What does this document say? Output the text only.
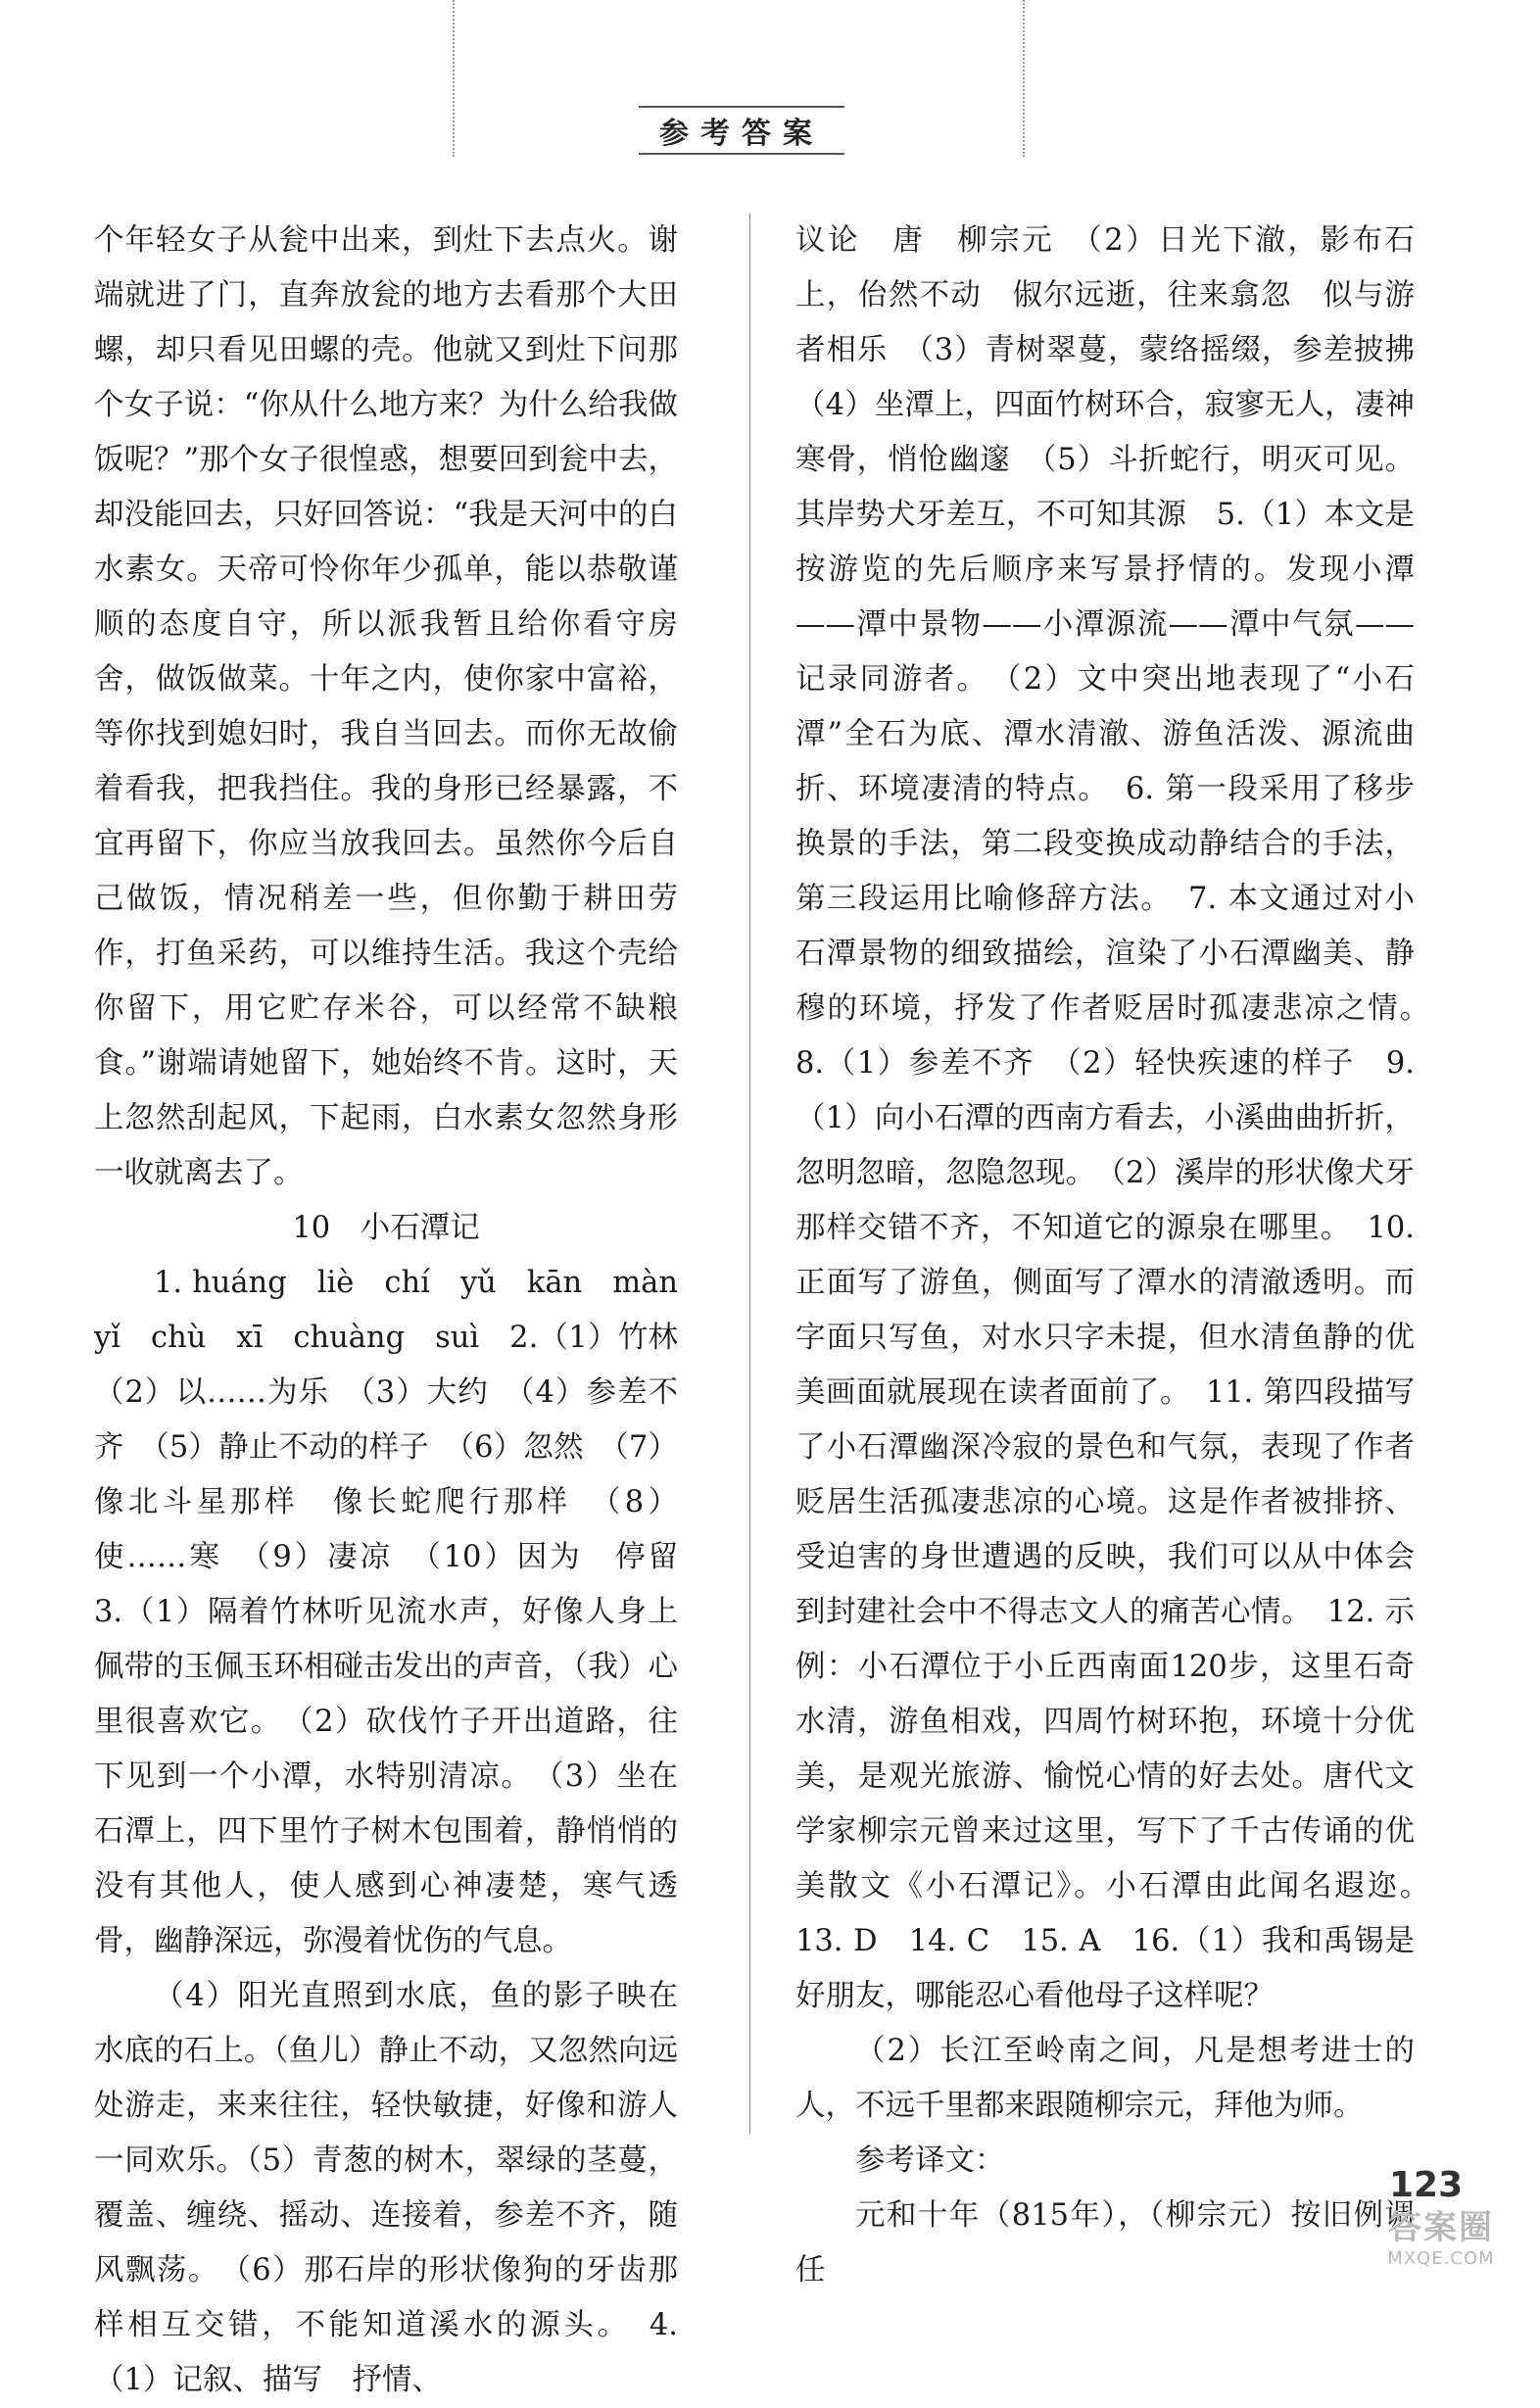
参考答案

个年轻女子从瓮中出来，到灶下去点火。谢端就进了门，直奔放瓮的地方去看那个大田螺，却只看见田螺的壳。他就又到灶下问那个女子说：“你从什么地方来？为什么给我做饭呢？”那个女子很惶惑，想要回到瓮中去，却没能回去，只好回答说：“我是天河中的白水素女。天帝可怜你年少孤单，能以恭敬谨顺的态度自守，所以派我暂且给你看守房舍，做饭做菜。十年之内，使你家中富裕，等你找到媳妇时，我自当回去。而你无故偷着看我，把我挡住。我的身形已经暴露，不宜再留下，你应当放我回去。虽然你今后自己做饭，情况稍差一些，但你勤于耕田劳作，打鱼采药，可以维持生活。我这个壳给你留下，用它贮存米谷，可以经常不缺粮食。”谢端请她留下，她始终不肯。这时，天上忽然刮起风，下起雨，白水素女忽然身形一收就离去了。

10　小石潭记

1. huáng　liè　chí　yǔ　kān　màn　yǐ　chù　xī　chuàng　suì　2.（1）竹林　（2）以……为乐　（3）大约　（4）参差不齐　（5）静止不动的样子　（6）忽然　（7）像北斗星那样　像长蛇爬行那样　（8）使……寒　（9）凄凉　（10）因为　停留　3.（1）隔着竹林听见流水声，好像人身上佩带的玉佩玉环相碰击发出的声音，（我）心里很喜欢它。　（2）砍伐竹子开出道路，往下见到一个小潭，水特别清凉。　（3）坐在石潭上，四下里竹子树木包围着，静悄悄的没有其他人，使人感到心神凄楚，寒气透骨，幽静深远，弥漫着忧伤的气息。

（4）阳光直照到水底，鱼的影子映在水底的石上。（鱼儿）静止不动，又忽然向远处游走，来来往往，轻快敏捷，好像和游人一同欢乐。（5）青葱的树木，翠绿的茎蔓，覆盖、缠绕、摇动、连接着，参差不齐，随风飘荡。　（6）那石岸的形状像狗的牙齿那样相互交错，不能知道溪水的源头。　4.（1）记叙、描写　抒情、

议论　唐　柳宗元　（2）日光下澈，影布石上，佁然不动　俶尔远逝，往来翕忽　似与游者相乐　（3）青树翠蔓，蒙络摇缀，参差披拂　（4）坐潭上，四面竹树环合，寂寥无人，凄神寒骨，悄怆幽邃　（5）斗折蛇行，明灭可见。其岸势犬牙差互，不可知其源　5.（1）本文是按游览的先后顺序来写景抒情的。发现小潭——潭中景物——小潭源流——潭中气氛——记录同游者。　（2）文中突出地表现了“小石潭”全石为底、潭水清澈、游鱼活泼、源流曲折、环境凄清的特点。　6. 第一段采用了移步换景的手法，第二段变换成动静结合的手法，第三段运用比喻修辞方法。　7. 本文通过对小石潭景物的细致描绘，渲染了小石潭幽美、静穆的环境，抒发了作者贬居时孤凄悲凉之情。　8.（1）参差不齐　（2）轻快疾速的样子　9.（1）向小石潭的西南方看去，小溪曲曲折折，忽明忽暗，忽隐忽现。　（2）溪岸的形状像犬牙那样交错不齐，不知道它的源泉在哪里。　10. 正面写了游鱼，侧面写了潭水的清澈透明。而字面只写鱼，对水只字未提，但水清鱼静的优美画面就展现在读者面前了。　11. 第四段描写了小石潭幽深冷寂的景色和气氛，表现了作者贬居生活孤凄悲凉的心境。这是作者被排挤、受迫害的身世遭遇的反映，我们可以从中体会到封建社会中不得志文人的痛苦心情。　12. 示例：小石潭位于小丘西南面120步，这里石奇水清，游鱼相戏，四周竹树环抱，环境十分优美，是观光旅游、愉悦心情的好去处。唐代文学家柳宗元曾来过这里，写下了千古传诵的优美散文《小石潭记》。小石潭由此闻名遐迩。　13. D　14. C　15. A　16.（1）我和禹锡是好朋友，哪能忍心看他母子这样呢？

（2）长江至岭南之间，凡是想考进士的人，不远千里都来跟随柳宗元，拜他为师。

参考译文：

元和十年（815年），（柳宗元）按旧例调任

123
答案圈
MXQE.COM
